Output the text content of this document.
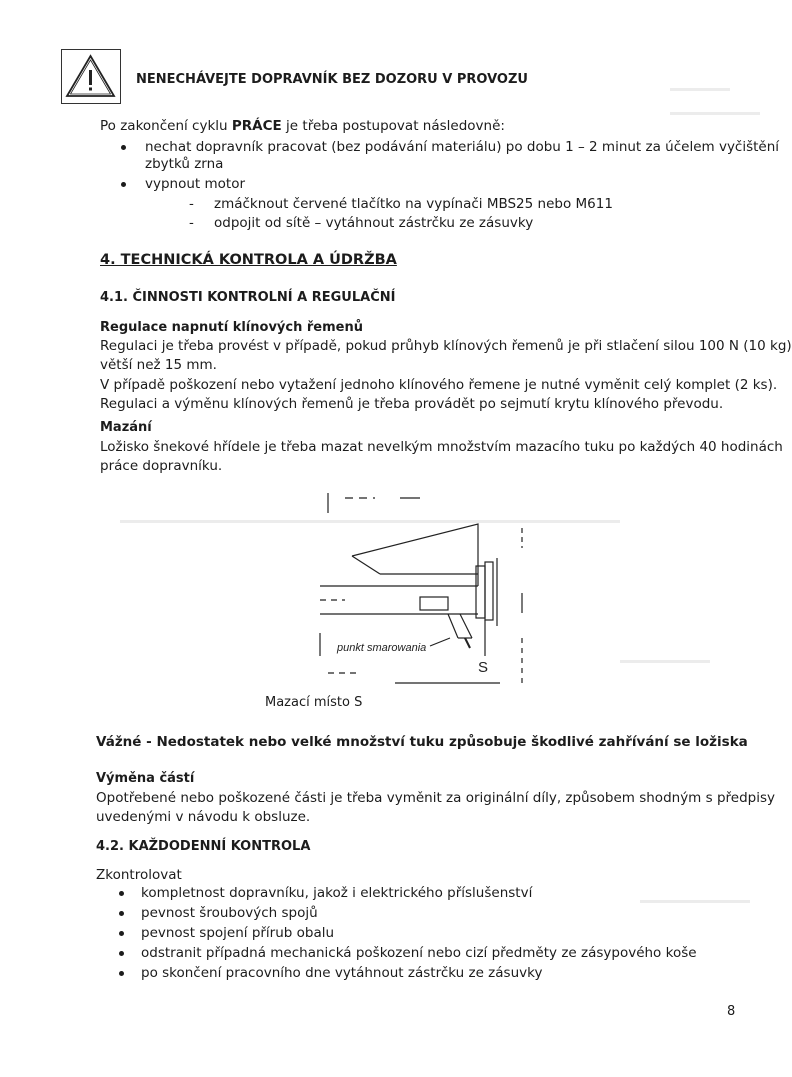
NENECHÁVEJTE DOPRAVNÍK BEZ DOZORU V PROVOZU
Po zakončení cyklu PRÁCE je třeba postupovat následovně:
nechat dopravník pracovat (bez podávání materiálu) po dobu 1 – 2 minut za účelem vyčištění
zbytků zrna
vypnout motor
- zmáčknout červené tlačítko na vypínači MBS25 nebo M611
- odpojit od sítě – vytáhnout zástrčku ze zásuvky
4. TECHNICKÁ KONTROLA A ÚDRŽBA
4.1. ČINNOSTI KONTROLNÍ A REGULAČNÍ
Regulace napnutí klínových řemenů
Regulaci je třeba provést v případě, pokud průhyb klínových řemenů je při stlačení silou 100 N (10 kg)
větší než 15 mm.
V případě poškození nebo vytažení jednoho klínového řemene je nutné vyměnit celý komplet (2 ks).
Regulaci a výměnu klínových řemenů je třeba provádět po sejmutí krytu klínového převodu.
Mazání
Ložisko šnekové hřídele je třeba mazat nevelkým množstvím mazacího tuku po každých 40 hodinách
práce dopravníku.
punkt smarowania
S
Mazací místo S
Vážné - Nedostatek nebo velké množství tuku způsobuje škodlivé zahřívání se ložiska
Výměna částí
Opotřebené nebo poškozené části je třeba vyměnit za originální díly, způsobem shodným s předpisy
uvedenými v návodu k obsluze.
4.2. KAŽDODENNÍ KONTROLA
Zkontrolovat
kompletnost dopravníku, jakož i elektrického příslušenství
pevnost šroubových spojů
pevnost spojení přírub obalu
odstranit případná mechanická poškození nebo cizí předměty ze zásypového koše
po skončení pracovního dne vytáhnout zástrčku ze zásuvky
8
